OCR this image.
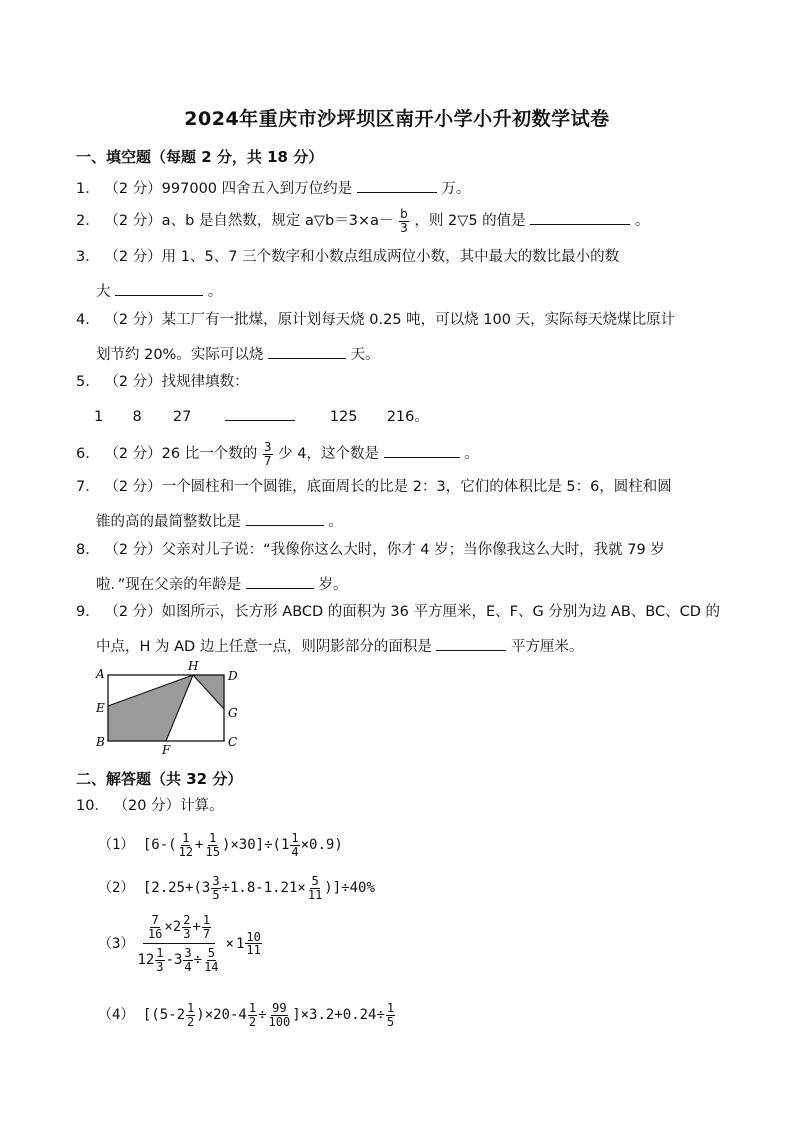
2024年重庆市沙坪坝区南开小学小升初数学试卷
一、填空题（每题 2 分，共 18 分）
1． （2 分）997000 四舍五入到万位约是	万。
2． （2 分）a、b 是自然数，规定 a▽b＝3×a－ $\frac{b}{3}$ ，则 2▽5 的值是	。
3． （2 分）用 1、5、7 三个数字和小数点组成两位小数，其中最大的数比最小的数
大	。
4． （2 分）某工厂有一批煤，原计划每天烧 0.25 吨，可以烧 100 天，实际每天烧煤比原计
划节约 20%。实际可以烧	天。
5． （2 分）找规律填数：
1 8 27	125 216。
6． （2 分）26 比一个数的 $\frac{3}{7}$ 少 4，这个数是	。
7． （2 分）一个圆柱和一个圆锥，底面周长的比是 2：3，它们的体积比是 5：6，圆柱和圆
锥的高的最简整数比是	。
8． （2 分）父亲对儿子说：“我像你这么大时，你才 4 岁；当你像我这么大时，我就 79 岁
啦．”现在父亲的年龄是	岁。
9． （2 分）如图所示，长方形 ABCD 的面积为 36 平方厘米，E、F、G 分别为边 AB、BC、CD 的
中点，H 为 AD 边上任意一点，则阴影部分的面积是	平方厘米。
A
H
D
E	G
B
F
C
二、解答题（共 32 分）
10． （20 分）计算。
（1） $[6-( \frac{1}{12} + \frac{1}{15} )\times 30]\div(1 \frac{1}{4} \times 0.9)$
（2） $[2.25+(3 \frac{3}{5} \div 1.8-1.21\times \frac{5}{11} )]\div 40\%$
$(3) \frac{\frac{7}{16} \times 2 \frac{2}{3} + \frac{1}{7}}{12 \frac{1}{3} - 3 \frac{3}{4} \div \frac{5}{14}} \times 1 \frac{10}{11}$
（4） $[(5-2 \frac{1}{2} )\times 20-4 \frac{1}{2} \div \frac{99}{100} ]\times 3.2+0.24\div \frac{1}{5}$
